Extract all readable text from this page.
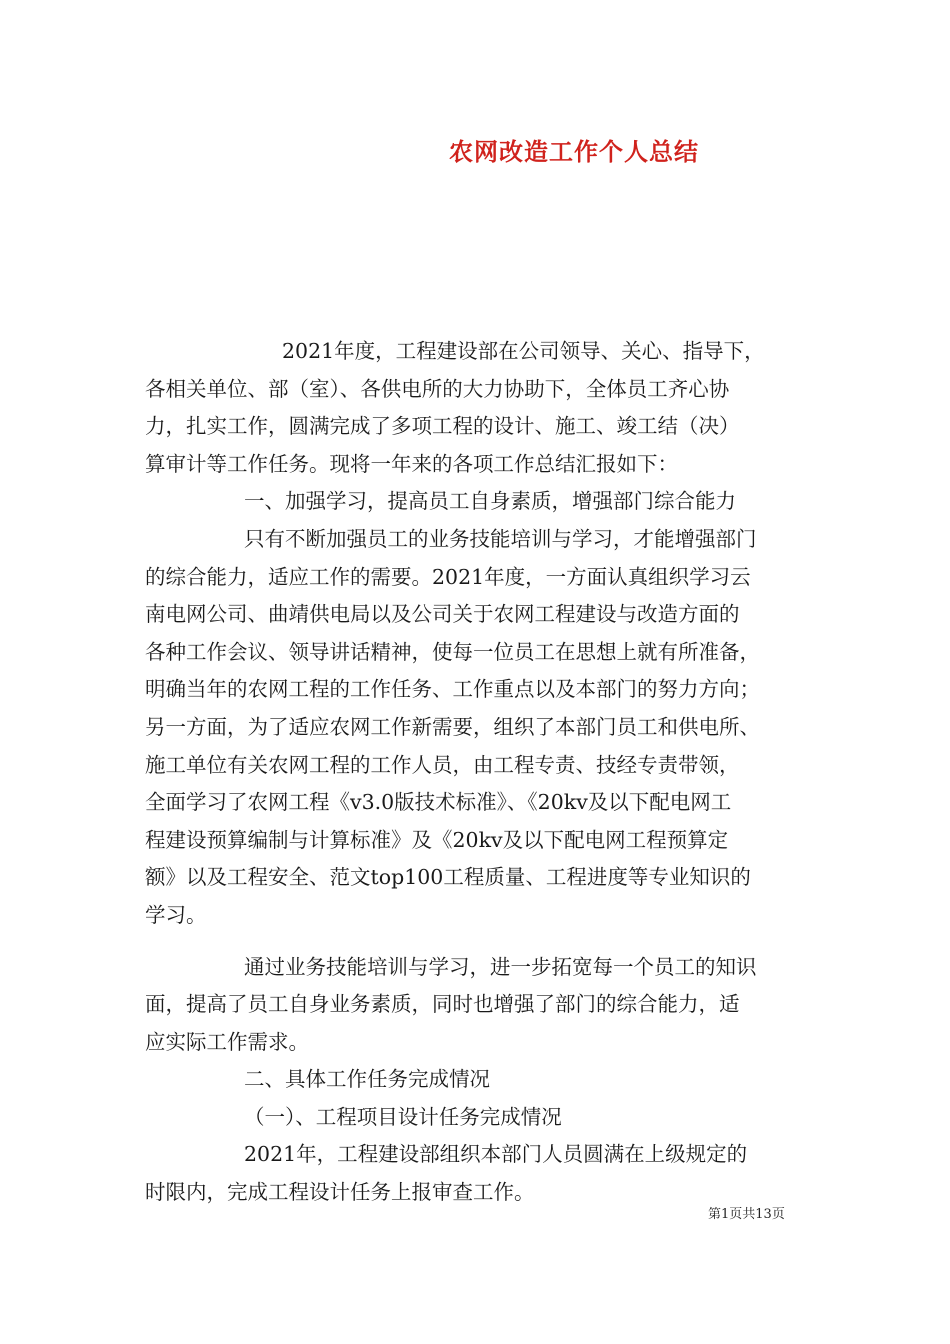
农网改造工作个人总结

2021年度，工程建设部在公司领导、关心、指导下，

各相关单位、部（室）、各供电所的大力协助下，全体员工齐心协

力，扎实工作，圆满完成了多项工程的设计、施工、竣工结（决）

算审计等工作任务。现将一年来的各项工作总结汇报如下：

一、加强学习，提高员工自身素质，增强部门综合能力

只有不断加强员工的业务技能培训与学习，才能增强部门

的综合能力，适应工作的需要。2021年度，一方面认真组织学习云

南电网公司、曲靖供电局以及公司关于农网工程建设与改造方面的

各种工作会议、领导讲话精神，使每一位员工在思想上就有所准备，

明确当年的农网工程的工作任务、工作重点以及本部门的努力方向；

另一方面，为了适应农网工作新需要，组织了本部门员工和供电所、

施工单位有关农网工程的工作人员，由工程专责、技经专责带领，

全面学习了农网工程《v3.0版技术标准》、《20kv及以下配电网工

程建设预算编制与计算标准》及《20kv及以下配电网工程预算定

额》以及工程安全、范文top100工程质量、工程进度等专业知识的

学习。

通过业务技能培训与学习，进一步拓宽每一个员工的知识

面，提高了员工自身业务素质，同时也增强了部门的综合能力，适

应实际工作需求。

二、具体工作任务完成情况

（一）、工程项目设计任务完成情况

2021年，工程建设部组织本部门人员圆满在上级规定的

时限内，完成工程设计任务上报审查工作。

第1页共13页
